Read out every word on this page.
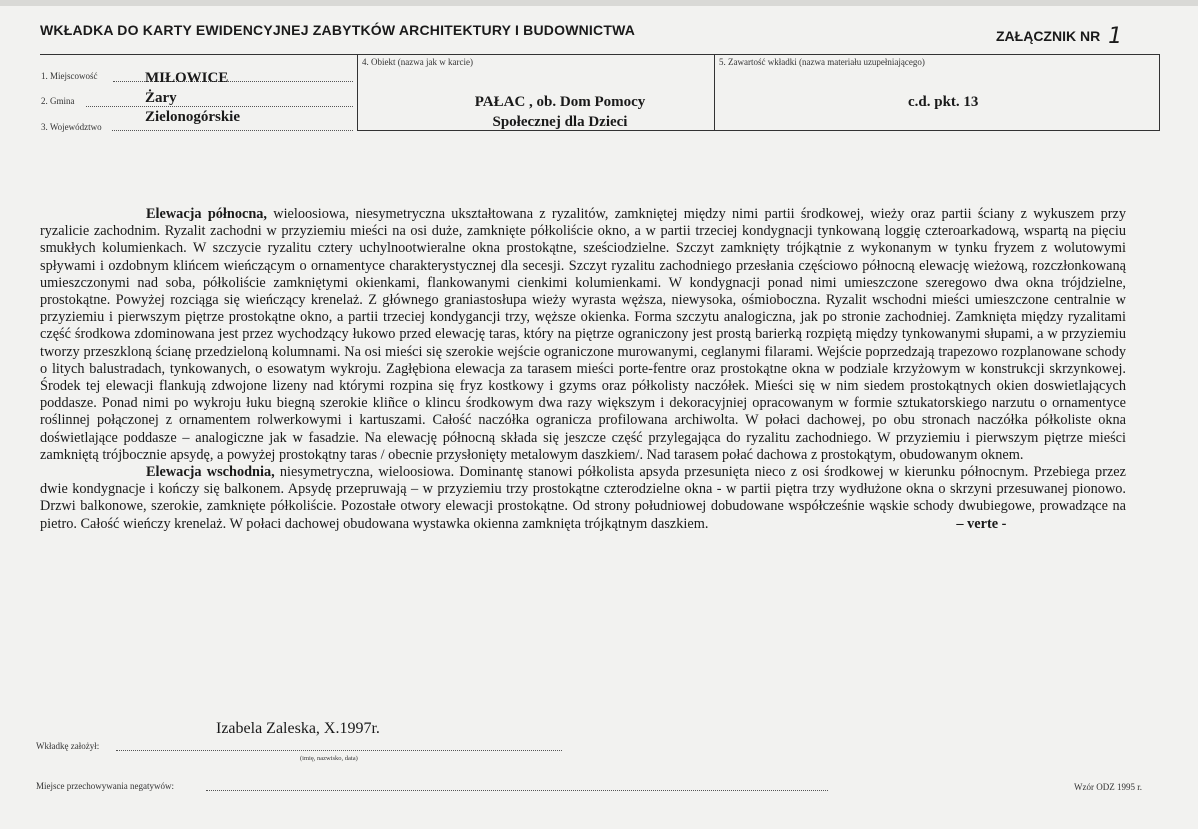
WKŁADKA DO KARTY EWIDENCYJNEJ ZABYTKÓW ARCHITEKTURY I BUDOWNICTWA	ZAŁĄCZNIK NR 1
1. Miejscowość	MIŁOWICE
2. Gmina	Żary
3. Województwo
Zielonogórskie
4. Obiekt (nazwa jak w karcie)
PAŁAC , ob. Dom Pomocy
Społecznej dla Dzieci
5. Zawartość wkładki (nazwa materiału uzupełniającego)
c.d. pkt. 13

Elewacja północna, wieloosiowa, niesymetryczna ukształtowana z ryzalitów, zamkniętej między nimi partii środkowej, wieży oraz partii ściany z wykuszem przy ryzalicie zachodnim. Ryzalit zachodni w przyziemiu mieści na osi duże, zamknięte półkoliście okno, a w partii trzeciej kondygnacji tynkowaną loggię czteroarkadową, wspartą na pięciu smukłych kolumienkach. W szczycie ryzalitu cztery uchylnootwieralne okna prostokątne, sześciodzielne. Szczyt zamknięty trójkątnie z wykonanym w tynku fryzem z wolutowymi spływami i ozdobnym klińcem wieńczącym o ornamentyce charakterystycznej dla secesji. Szczyt ryzalitu zachodniego przesłania częściowo północną elewację wieżową, rozczłonkowaną umieszczonymi nad soba, półkoliście zamkniętymi okienkami, flankowanymi cienkimi kolumienkami. W kondygnacji ponad nimi umieszczone szeregowo dwa okna trójdzielne, prostokątne. Powyżej rozciąga się wieńczący krenelaż. Z głównego graniastosłupa wieży wyrasta węższa, niewysoka, ośmioboczna. Ryzalit wschodni mieści umieszczone centralnie w przyziemiu i pierwszym piętrze prostokątne okno, a partii trzeciej kondygancji trzy, węższe okienka. Forma szczytu analogiczna, jak po stronie zachodniej. Zamknięta między ryzalitami część środkowa zdominowana jest przez wychodzący łukowo przed elewację taras, który na piętrze ograniczony jest prostą barierką rozpiętą między tynkowanymi słupami, a w przyziemiu tworzy przeszkloną ścianę przedzieloną kolumnami. Na osi mieści się szerokie wejście ograniczone murowanymi, ceglanymi filarami. Wejście poprzedzają trapezowo rozplanowane schody o litych balustradach, tynkowanych, o esowatym wykroju. Zagłębiona elewacja za tarasem mieści porte-fentre oraz prostokątne okna w podziale krzyżowym w konstrukcji skrzynkowej. Środek tej elewacji flankują zdwojone lizeny nad którymi rozpina się fryz kostkowy i gzyms oraz półkolisty naczółek. Mieści się w nim siedem prostokątnych okien doswietlających poddasze. Ponad nimi po wykroju łuku biegną szerokie kliñce o klincu środkowym dwa razy większym i dekoracyjniej opracowanym w formie sztukatorskiego narzutu o ornamentyce roślinnej połączonej z ornamentem rolwerkowymi i kartuszami. Całość naczółka ogranicza profilowana archiwolta. W połaci dachowej, po obu stronach naczółka półkoliste okna doświetlające poddasze – analogiczne jak w fasadzie. Na elewację północną składa się jeszcze część przylegająca do ryzalitu zachodniego. W przyziemiu i pierwszym piętrze mieści zamkniętą trójbocznie apsydę, a powyżej prostokątny taras / obecnie przysłonięty metalowym daszkiem/. Nad tarasem połać dachowa z prostokątym, obudowanym oknem.

Elewacja wschodnia, niesymetryczna, wieloosiowa. Dominantę stanowi półkolista apsyda przesunięta nieco z osi środkowej w kierunku północnym. Przebiega przez dwie kondygnacje i kończy się balkonem. Apsydę przepruwają – w przyziemiu trzy prostokątne czterodzielne okna - w partii piętra trzy wydłużone okna o skrzyni przesuwanej pionowo. Drzwi balkonowe, szerokie, zamknięte półkoliście. Pozostałe otwory elewacji prostokątne. Od strony południowej dobudowane współcześnie wąskie schody dwubiegowe, prowadzące na pietro. Całość wieńczy krenelaż. W połaci dachowej obudowana wystawka okienna zamknięta trójkątnym daszkiem.	– verte -

Izabela Zaleska, X.1997r.
Wkładkę założył:
(imię, nazwisko, data)
Miejsce przechowywania negatywów:	Wzór ODZ 1995 r.
